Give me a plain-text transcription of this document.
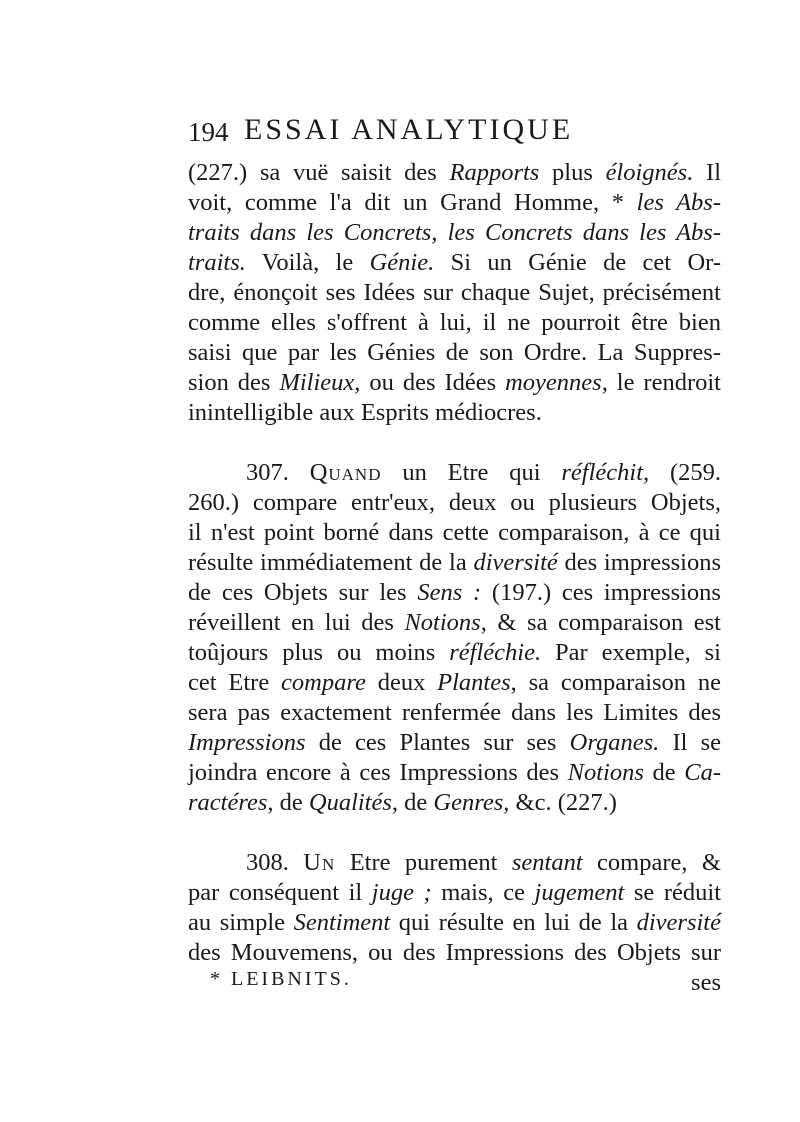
194 ESSAI ANALYTIQUE
(227.) sa vuë saisit des Rapports plus éloignés. Il
voit, comme l'a dit un Grand Homme, * les Abs-
traits dans les Concrets, les Concrets dans les Abs-
traits. Voilà, le Génie. Si un Génie de cet Or-
dre, énonçoit ses Idées sur chaque Sujet, précisément
comme elles s'offrent à lui, il ne pourroit être bien
saisi que par les Génies de son Ordre. La Suppres-
sion des Milieux, ou des Idées moyennes, le rendroit
inintelligible aux Esprits médiocres.
307. Quand un Etre qui réfléchit, (259.
260.) compare entr'eux, deux ou plusieurs Objets,
il n'est point borné dans cette comparaison, à ce qui
résulte immédiatement de la diversité des impressions
de ces Objets sur les Sens : (197.) ces impressions
réveillent en lui des Notions, & sa comparaison est
toûjours plus ou moins réfléchie. Par exemple, si
cet Etre compare deux Plantes, sa comparaison ne
sera pas exactement renfermée dans les Limites des
Impressions de ces Plantes sur ses Organes. Il se
joindra encore à ces Impressions des Notions de Ca-
ractéres, de Qualités, de Genres, &c. (227.)
308. Un Etre purement sentant compare, &
par conséquent il juge ; mais, ce jugement se réduit
au simple Sentiment qui résulte en lui de la diversité
des Mouvemens, ou des Impressions des Objets sur
ses
* LEIBNITS.
